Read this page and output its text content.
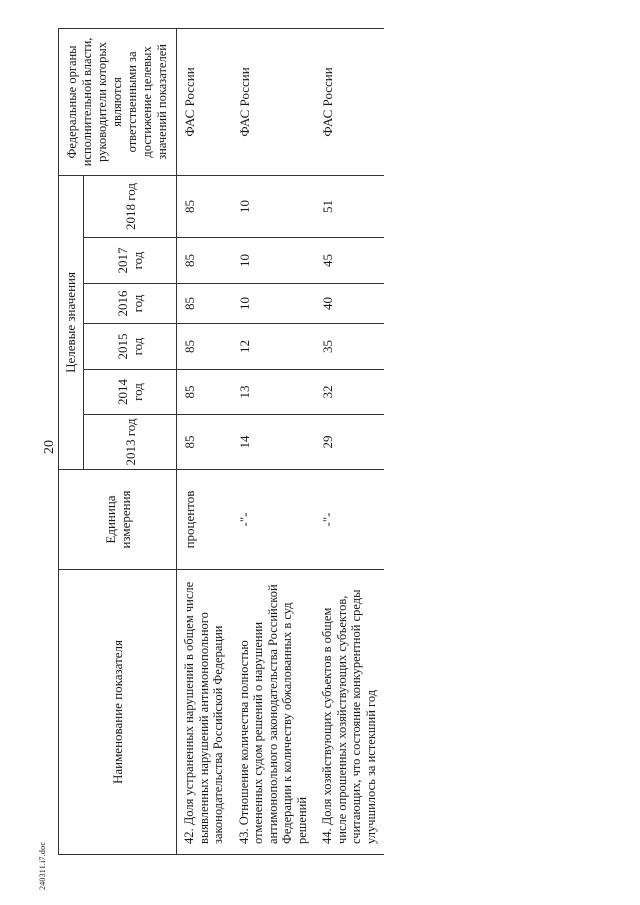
240311.i7.doc
20
Наименование показателя	Единица измерения	Целевые значения						Федеральные органы исполнительной власти, руководители которых являются ответственными за достижение целевых значений показателей
		2013 год	2014 год	2015 год	2016 год	2017 год	2018 год	
42. Доля устраненных нарушений в общем числе выявленных нарушений антимонопольного законодательства Российской Федерации	процентов	85	85	85	85	85	85	ФАС России
43. Отношение количества полностью отмененных судом решений о нарушении антимонопольного законодательства Российской Федерации к количеству обжалованных в суд решений	-"-	14	13	12	10	10	10	ФАС России
44. Доля хозяйствующих субъектов в общем числе опрошенных хозяйствующих субъектов, считающих, что состояние конкурентной среды улучшилось за истекший год	-"-	29	32	35	40	45	51	ФАС России
